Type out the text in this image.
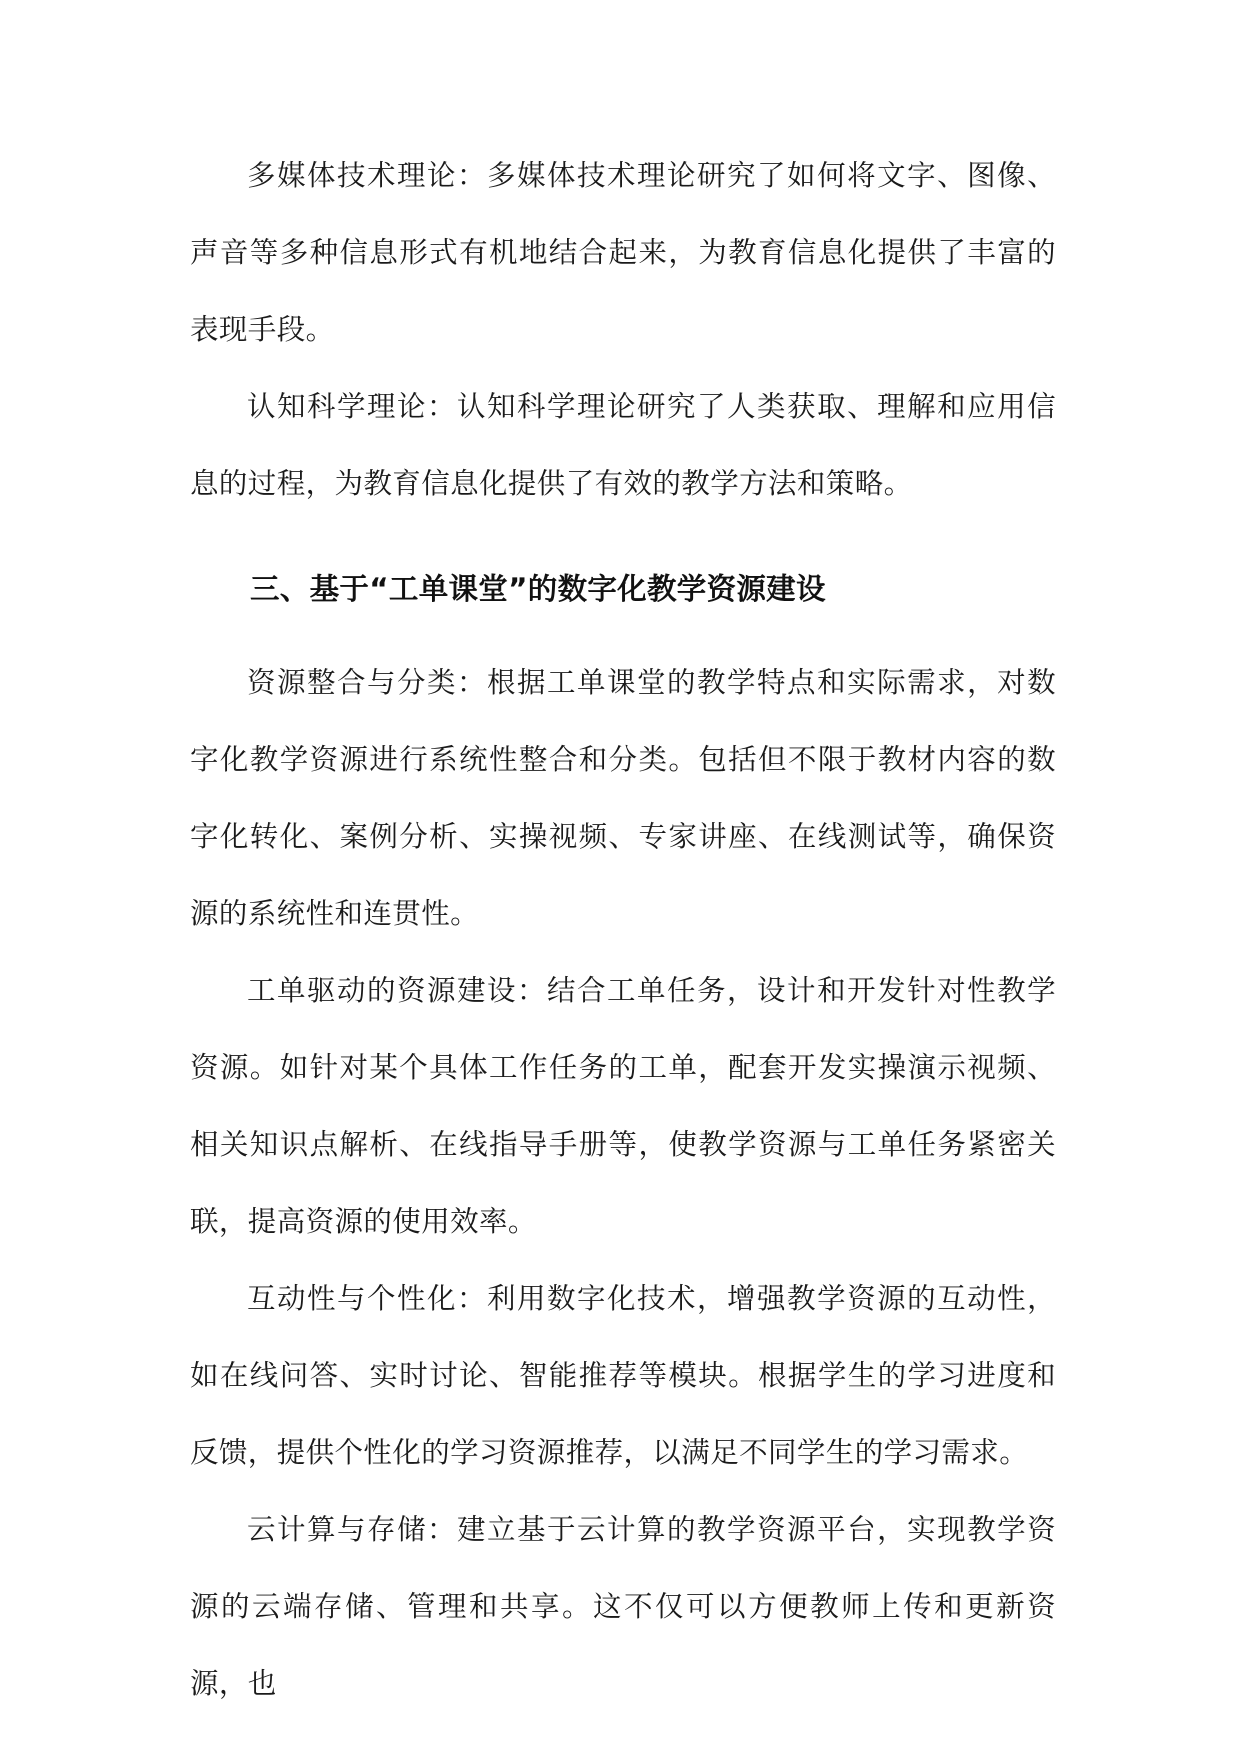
多媒体技术理论：多媒体技术理论研究了如何将文字、图像、声音等多种信息形式有机地结合起来，为教育信息化提供了丰富的表现手段。

认知科学理论：认知科学理论研究了人类获取、理解和应用信息的过程，为教育信息化提供了有效的教学方法和策略。

三、基于“工单课堂”的数字化教学资源建设

资源整合与分类：根据工单课堂的教学特点和实际需求，对数字化教学资源进行系统性整合和分类。包括但不限于教材内容的数字化转化、案例分析、实操视频、专家讲座、在线测试等，确保资源的系统性和连贯性。

工单驱动的资源建设：结合工单任务，设计和开发针对性教学资源。如针对某个具体工作任务的工单，配套开发实操演示视频、相关知识点解析、在线指导手册等，使教学资源与工单任务紧密关联，提高资源的使用效率。

互动性与个性化：利用数字化技术，增强教学资源的互动性，如在线问答、实时讨论、智能推荐等模块。根据学生的学习进度和反馈，提供个性化的学习资源推荐，以满足不同学生的学习需求。

云计算与存储：建立基于云计算的教学资源平台，实现教学资源的云端存储、管理和共享。这不仅可以方便教师上传和更新资源，也
